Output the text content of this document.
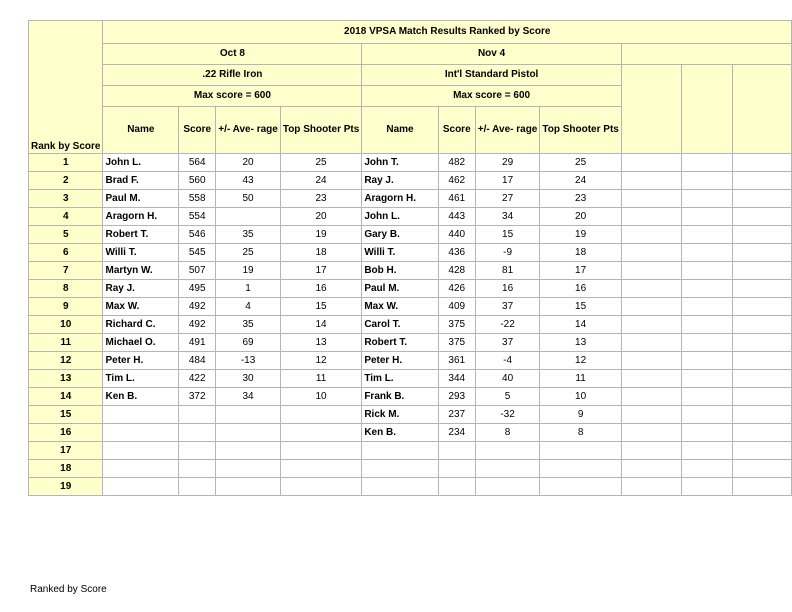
Rank by Score	2018 VPSA Match Results Ranked by Score										
	Oct 8				Nov 4						
	.22 Rifle Iron				Int'l Standard Pistol						
	Max score = 600				Max score = 600						
	Name	Score	+/- Ave- rage	Top Shooter Pts	Name	Score	+/- Ave- rage	Top Shooter Pts			

1	John L.	564	20	25	John T.	482	29	25			
2	Brad F.	560	43	24	Ray J.	462	17	24			
3	Paul M.	558	50	23	Aragorn H.	461	27	23			
4	Aragorn H.	554		20	John L.	443	34	20			
5	Robert T.	546	35	19	Gary B.	440	15	19			
6	Willi T.	545	25	18	Willi T.	436	-9	18			
7	Martyn W.	507	19	17	Bob H.	428	81	17			
8	Ray J.	495	1	16	Paul M.	426	16	16			
9	Max W.	492	4	15	Max W.	409	37	15			
10	Richard C.	492	35	14	Carol T.	375	-22	14			
11	Michael O.	491	69	13	Robert T.	375	37	13			
12	Peter H.	484	-13	12	Peter H.	361	-4	12			
13	Tim L.	422	30	11	Tim L.	344	40	11			
14	Ken B.	372	34	10	Frank B.	293	5	10			
15					Rick M.	237	-32	9			
16					Ken B.	234	8	8			
17											
18											
19											
Ranked by Score
